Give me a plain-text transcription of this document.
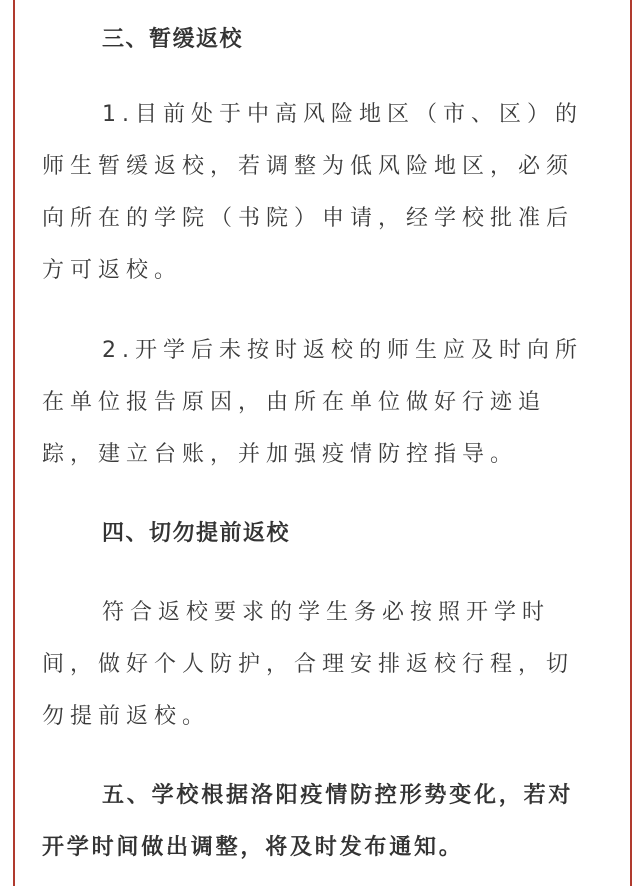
三、暂缓返校

1.目前处于中高风险地区（市、区）的师生暂缓返校，若调整为低风险地区，必须向所在的学院（书院）申请，经学校批准后方可返校。

2.开学后未按时返校的师生应及时向所在单位报告原因，由所在单位做好行迹追踪，建立台账，并加强疫情防控指导。

四、切勿提前返校

符合返校要求的学生务必按照开学时间，做好个人防护，合理安排返校行程，切勿提前返校。

五、学校根据洛阳疫情防控形势变化，若对开学时间做出调整，将及时发布通知。
